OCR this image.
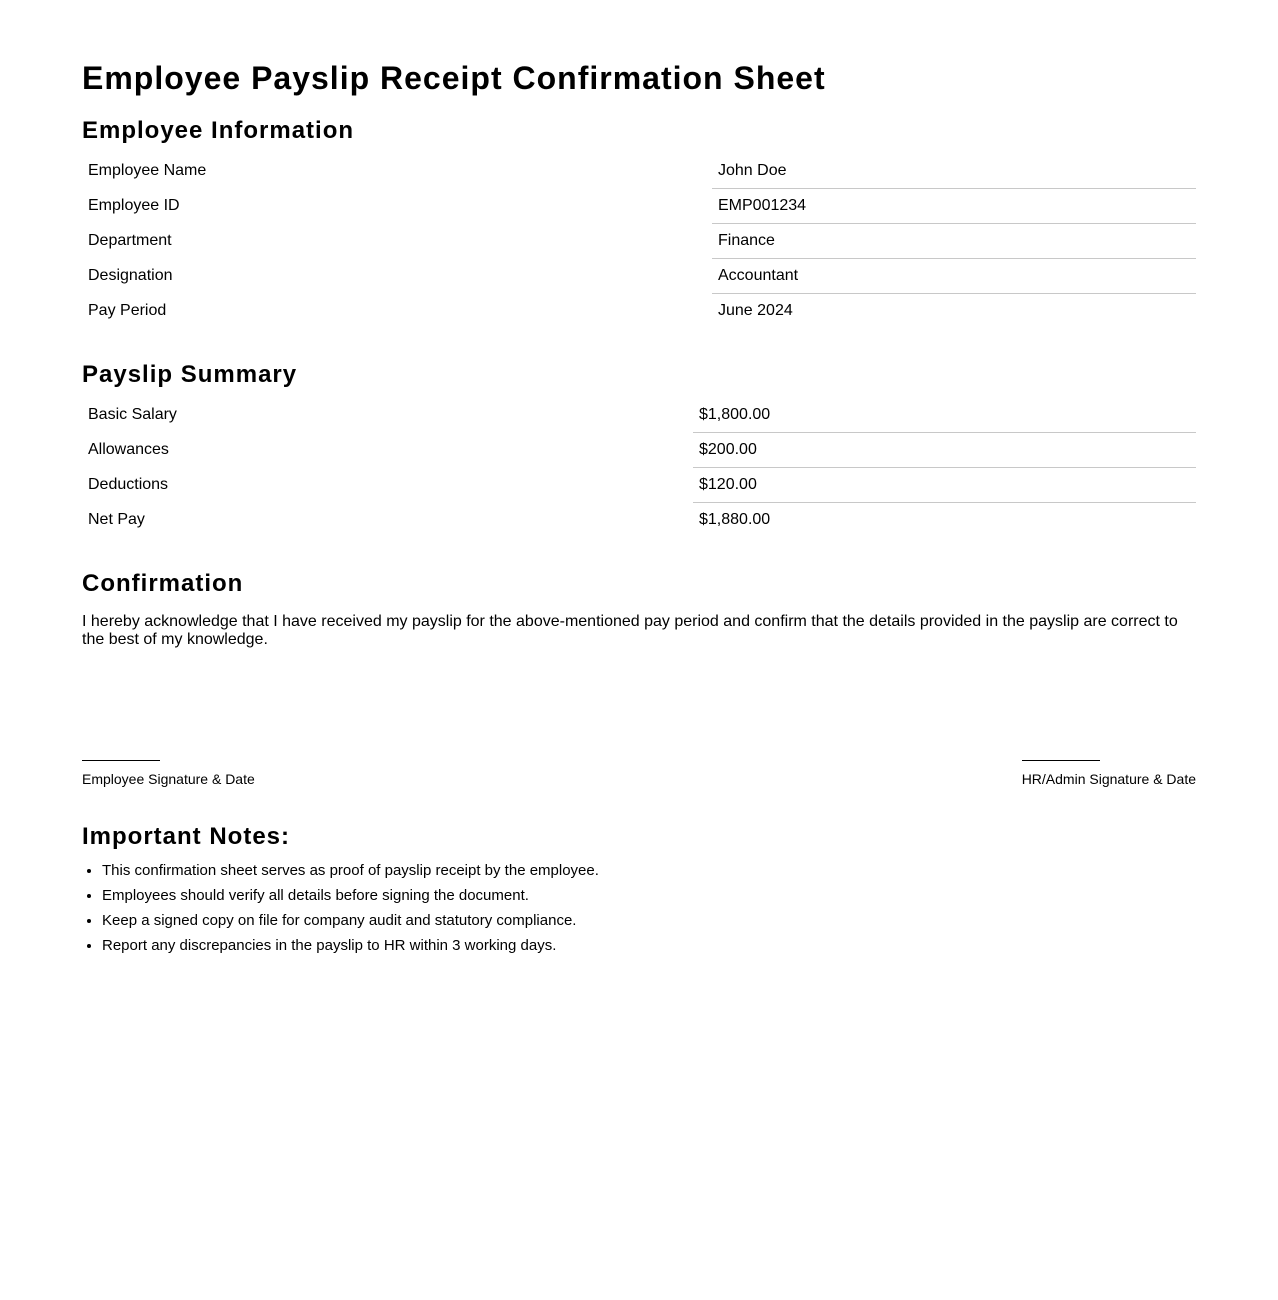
Employee Payslip Receipt Confirmation Sheet
Employee Information
Employee Name	John Doe
Employee ID	EMP001234
Department	Finance
Designation	Accountant
Pay Period	June 2024
Payslip Summary
Basic Salary	$1,800.00
Allowances	$200.00
Deductions	$120.00
Net Pay	$1,880.00
Confirmation

I hereby acknowledge that I have received my payslip for the above-mentioned pay period and confirm that the details provided in the payslip are correct to the best of my knowledge.

Employee Signature & Date	HR/Admin Signature & Date
Important Notes:
• This confirmation sheet serves as proof of payslip receipt by the employee.
• Employees should verify all details before signing the document.
• Keep a signed copy on file for company audit and statutory compliance.
• Report any discrepancies in the payslip to HR within 3 working days.
